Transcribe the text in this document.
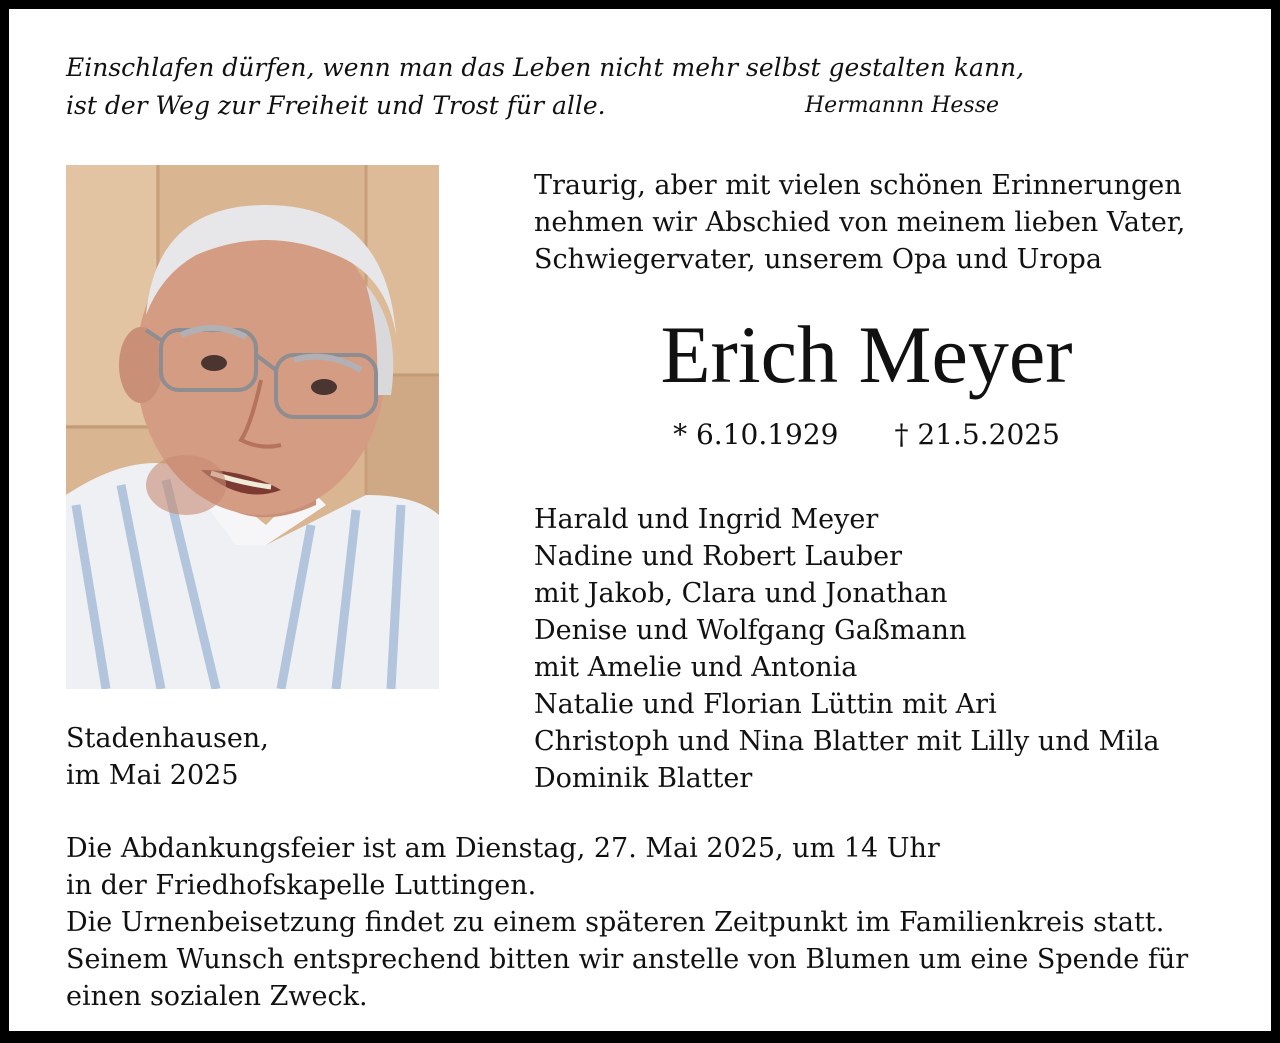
Einschlafen dürfen, wenn man das Leben nicht mehr selbst gestalten kann,
ist der Weg zur Freiheit und Trost für alle.	Hermannn Hesse
Stadenhausen,
im Mai 2025
Traurig, aber mit vielen schönen Erinnerungen
nehmen wir Abschied von meinem lieben Vater,
Schwiegervater, unserem Opa und Uropa
Erich Meyer
* 6.10.1929 † 21.5.2025
Harald und Ingrid Meyer
Nadine und Robert Lauber
mit Jakob, Clara und Jonathan
Denise und Wolfgang Gaßmann
mit Amelie und Antonia
Natalie und Florian Lüttin mit Ari
Christoph und Nina Blatter mit Lilly und Mila
Dominik Blatter
Die Abdankungsfeier ist am Dienstag, 27. Mai 2025, um 14 Uhr
in der Friedhofskapelle Luttingen.
Die Urnenbeisetzung findet zu einem späteren Zeitpunkt im Familienkreis statt.
Seinem Wunsch entsprechend bitten wir anstelle von Blumen um eine Spende für
einen sozialen Zweck.
